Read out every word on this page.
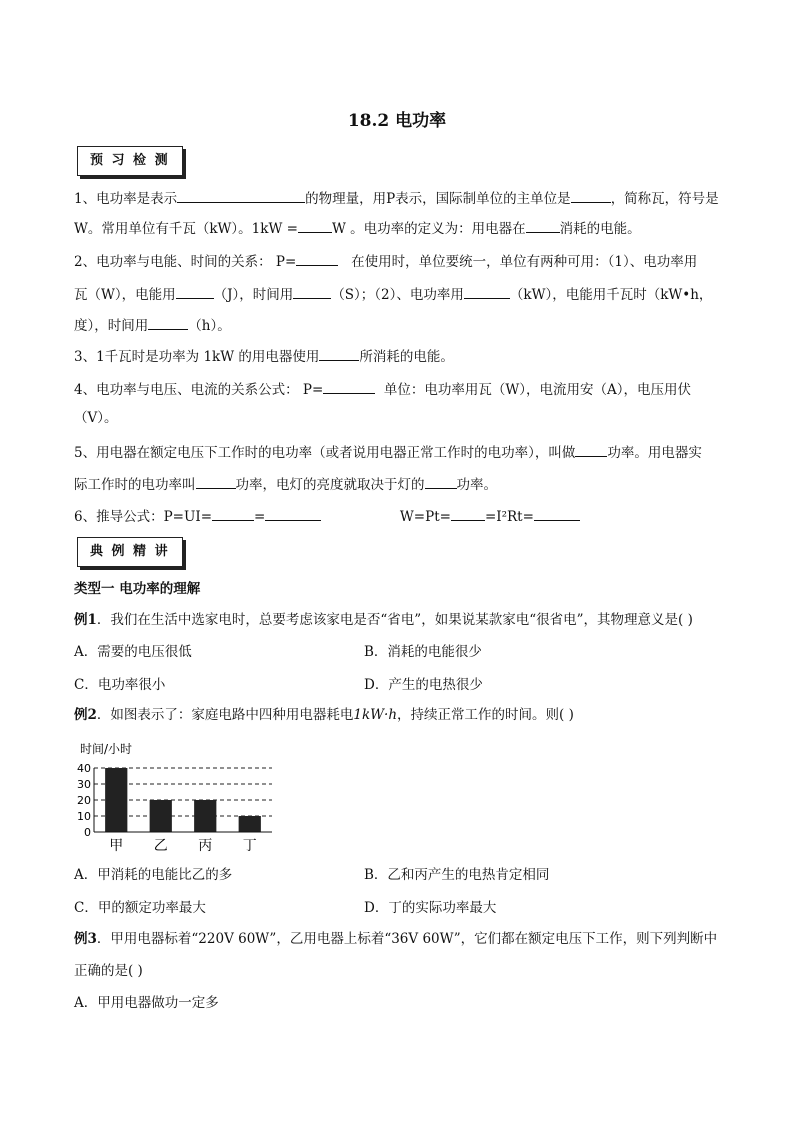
18.2 电功率
预 习 检 测
1、电功率是表示	的物理量，用P表示，国际制单位的主单位是	，简称瓦，符号是
W。常用单位有千瓦（kW）。1kW =	W 。电功率的定义为：用电器在	消耗的电能。
2、电功率与电能、时间的关系： P=	在使用时，单位要统一，单位有两种可用：（1）、电功率用
瓦（W），电能用	（J），时间用	（S）；（2）、电功率用	（kW），电能用千瓦时（kW•h，
度），时间用	（h）。
3、1千瓦时是功率为 1kW 的用电器使用	所消耗的电能。
4、电功率与电压、电流的关系公式： P=	单位：电功率用瓦（W），电流用安（A），电压用伏
（V）。
5、用电器在额定电压下工作时的电功率（或者说用电器正常工作时的电功率），叫做 功率。用电器实
际工作时的电功率叫	功率，电灯的亮度就取决于灯的 功率。
6、推导公式：P=UI=	=	W=Pt=	=I²Rt=
典 例 精 讲
类型一 电功率的理解
例1．我们在生活中选家电时，总要考虑该家电是否“省电”，如果说某款家电“很省电”，其物理意义是( )
A．需要的电压很低	B．消耗的电能很少
C．电功率很小	D．产生的电热很少
例2．如图表示了：家庭电路中四种用电器耗电1kW·h，持续正常工作的时间。则( )
时间/小时
0
10
20
30
40
甲 乙 丙 丁
A．甲消耗的电能比乙的多	B．乙和丙产生的电热肯定相同
C．甲的额定功率最大	D．丁的实际功率最大
例3．甲用电器标着“220V 60W”，乙用电器上标着“36V 60W”，它们都在额定电压下工作，则下列判断中
正确的是( )
A．甲用电器做功一定多
